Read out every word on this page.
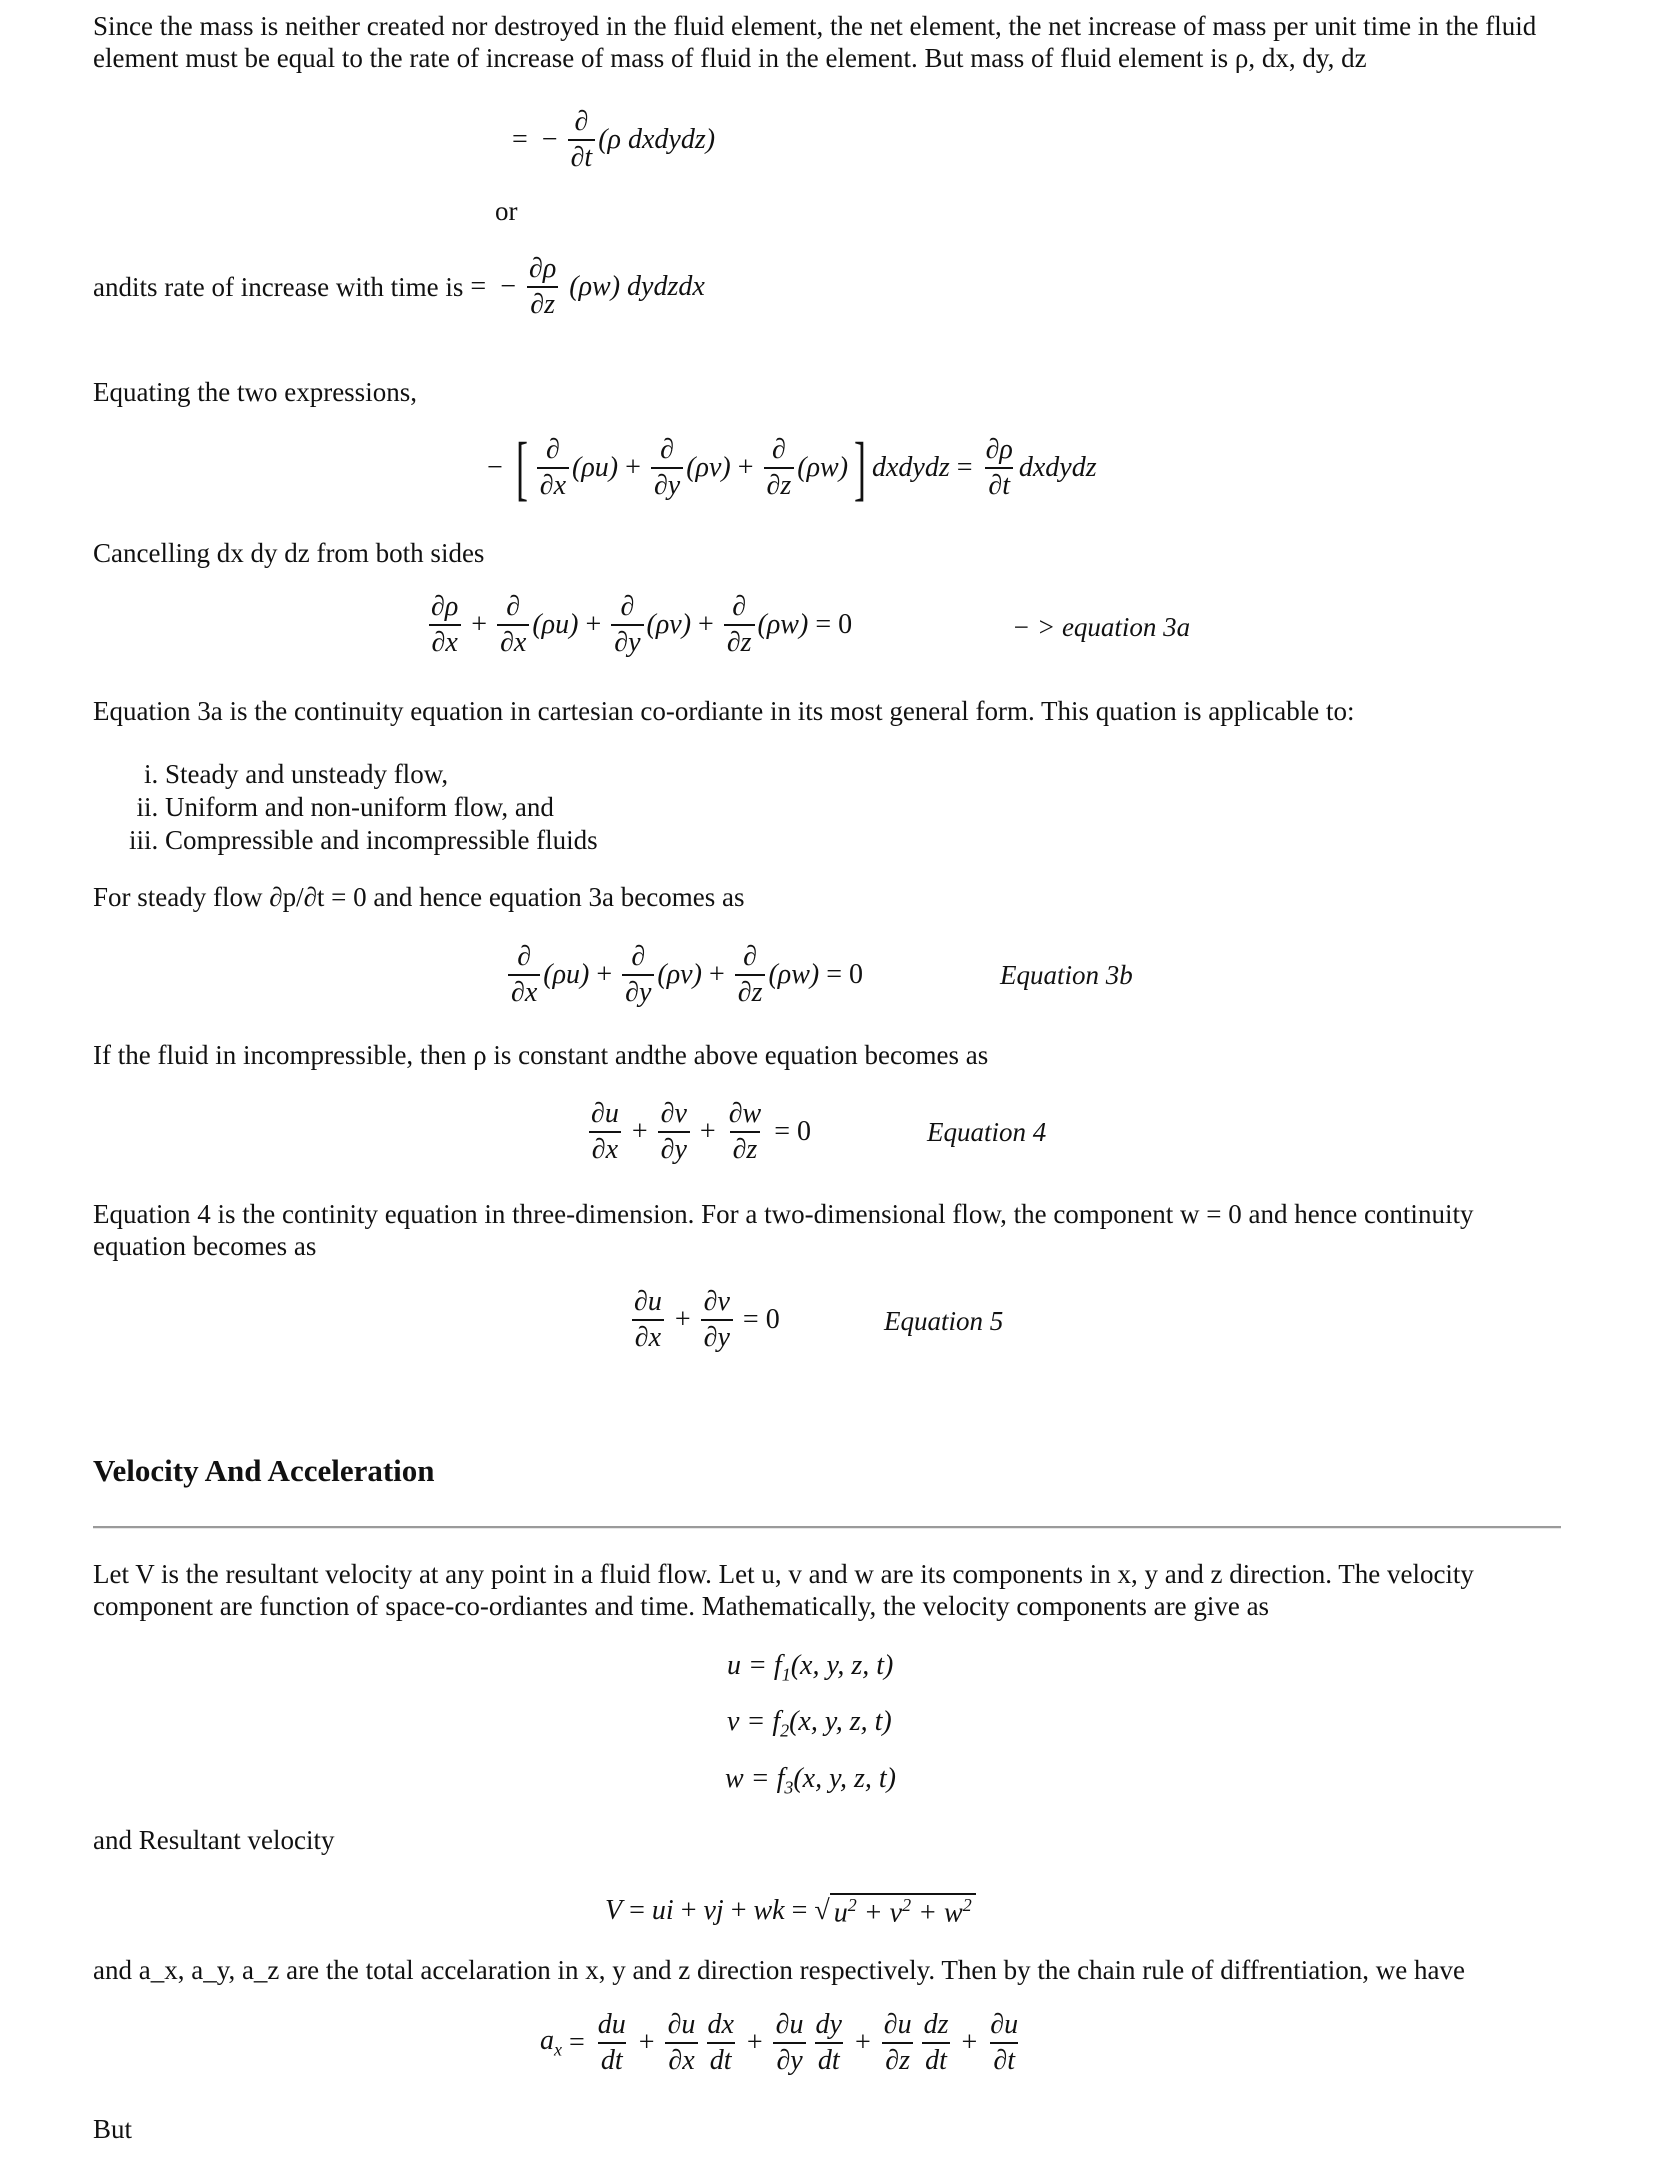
Since the mass is neither created nor destroyed in the fluid element, the net element, the net increase of mass per unit time in the fluid element must be equal to the rate of increase of mass of fluid in the element. But mass of fluid element is ρ, dx, dy, dz
= − $\frac{\partial}{\partial t} (\rho$ dxdydz)
or
andits rate of increase with time is = − $\frac{\partial\rho}{\partial z} (\rho w)$ dydzdx
Equating the two expressions,
− [ $\frac{\partial}{\partial x} (\rho u) + \frac{\partial}{\partial y} (\rho v) + \frac{\partial}{\partial z} (\rho w)$ ] dxdydz = $\frac{\partial\rho}{\partial t}$ dxdydz
Cancelling dx dy dz from both sides
$\frac{\partial\rho}{\partial x} + \frac{\partial}{\partial x} (\rho u) + \frac{\partial}{\partial y} (\rho v) + \frac{\partial}{\partial z} (\rho w) = 0$	− > equation 3a
Equation 3a is the continuity equation in cartesian co-ordiante in its most general form. This quation is applicable to:
i. Steady and unsteady flow,
ii. Uniform and non-uniform flow, and
iii. Compressible and incompressible fluids
For steady flow ∂p/∂t = 0 and hence equation 3a becomes as
$\frac{\partial}{\partial x} (\rho u) + \frac{\partial}{\partial y} (\rho v) + \frac{\partial}{\partial z} (\rho w) = 0$	Equation 3b
If the fluid in incompressible, then ρ is constant andthe above equation becomes as
$\frac{\partial u}{\partial x} + \frac{\partial v}{\partial y} + \frac{\partial w}{\partial z} = 0$	Equation 4
Equation 4 is the continity equation in three-dimension. For a two-dimensional flow, the component w = 0 and hence continuity equation becomes as
$\frac{\partial u}{\partial x} + \frac{\partial v}{\partial y} = 0$	Equation 5
Velocity And Acceleration
Let V is the resultant velocity at any point in a fluid flow. Let u, v and w are its components in x, y and z direction. The velocity component are function of space-co-ordiantes and time. Mathematically, the velocity components are give as
$u = f_1(x$, y, z, t)
$v = f_2(x$, y, z, t)
$w = f_3(x$, y, z, t)
and Resultant velocity
V = ui + vj + wk = √ $u^2 + v^2 + w^2$
and a_x, a_y, a_z are the total accelaration in x, y and z direction respectively. Then by the chain rule of diffrentiation, we have
$a_x = \frac{du}{dt} + \frac{\partial u}{\partial x} \frac{dx}{dt} + \frac{\partial u}{\partial y} \frac{dy}{dt} + \frac{\partial u}{\partial z} \frac{dz}{dt} + \frac{\partial u}{\partial t}$
But
